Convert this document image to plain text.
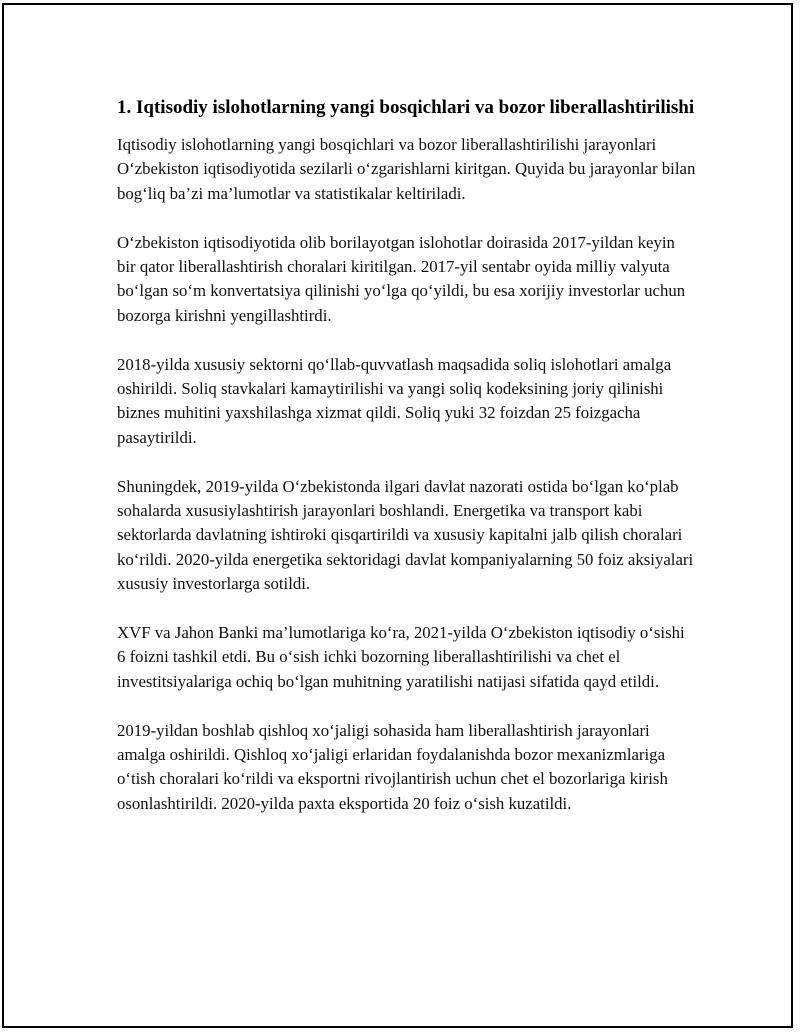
1. Iqtisodiy islohotlarning yangi bosqichlari va bozor liberallashtirilishi

Iqtisodiy islohotlarning yangi bosqichlari va bozor liberallashtirilishi jarayonlari O‘zbekiston iqtisodiyotida sezilarli o‘zgarishlarni kiritgan. Quyida bu jarayonlar bilan bog‘liq ba’zi ma’lumotlar va statistikalar keltiriladi.

O‘zbekiston iqtisodiyotida olib borilayotgan islohotlar doirasida 2017-yildan keyin bir qator liberallashtirish choralari kiritilgan. 2017-yil sentabr oyida milliy valyuta bo‘lgan so‘m konvertatsiya qilinishi yo‘lga qo‘yildi, bu esa xorijiy investorlar uchun bozorga kirishni yengillashtirdi.

2018-yilda xususiy sektorni qo‘llab-quvvatlash maqsadida soliq islohotlari amalga oshirildi. Soliq stavkalari kamaytirilishi va yangi soliq kodeksining joriy qilinishi biznes muhitini yaxshilashga xizmat qildi. Soliq yuki 32 foizdan 25 foizgacha pasaytirildi.

Shuningdek, 2019-yilda O‘zbekistonda ilgari davlat nazorati ostida bo‘lgan ko‘plab sohalarda xususiylashtirish jarayonlari boshlandi. Energetika va transport kabi sektorlarda davlatning ishtiroki qisqartirildi va xususiy kapitalni jalb qilish choralari ko‘rildi. 2020-yilda energetika sektoridagi davlat kompaniyalarning 50 foiz aksiyalari xususiy investorlarga sotildi.

XVF va Jahon Banki ma’lumotlariga ko‘ra, 2021-yilda O‘zbekiston iqtisodiy o‘sishi 6 foizni tashkil etdi. Bu o‘sish ichki bozorning liberallashtirilishi va chet el investitsiyalariga ochiq bo‘lgan muhitning yaratilishi natijasi sifatida qayd etildi.

2019-yildan boshlab qishloq xo‘jaligi sohasida ham liberallashtirish jarayonlari amalga oshirildi. Qishloq xo‘jaligi erlaridan foydalanishda bozor mexanizmlariga o‘tish choralari ko‘rildi va eksportni rivojlantirish uchun chet el bozorlariga kirish osonlashtirildi. 2020-yilda paxta eksportida 20 foiz o‘sish kuzatildi.
